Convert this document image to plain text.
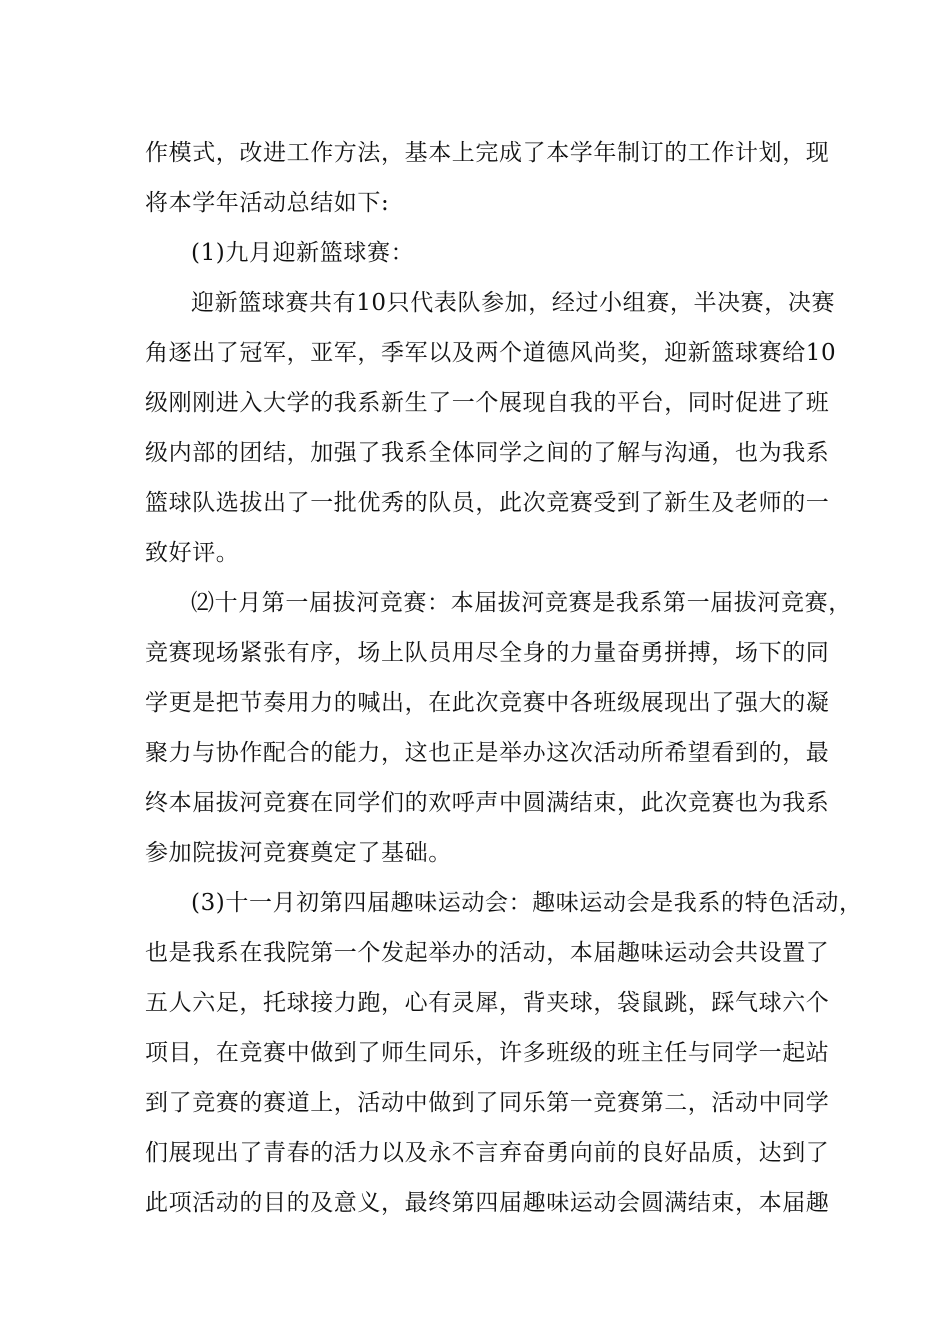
作模式，改进工作方法，基本上完成了本学年制订的工作计划，现
将本学年活动总结如下:
(1)九月迎新篮球赛：
迎新篮球赛共有10只代表队参加，经过小组赛，半决赛，决赛
角逐出了冠军，亚军，季军以及两个道德风尚奖，迎新篮球赛给10
级刚刚进入大学的我系新生了一个展现自我的平台，同时促进了班
级内部的团结，加强了我系全体同学之间的了解与沟通，也为我系
篮球队选拔出了一批优秀的队员，此次竞赛受到了新生及老师的一
致好评。
⑵十月第一届拔河竞赛：本届拔河竞赛是我系第一届拔河竞赛，
竞赛现场紧张有序，场上队员用尽全身的力量奋勇拼搏，场下的同
学更是把节奏用力的喊出，在此次竞赛中各班级展现出了强大的凝
聚力与协作配合的能力，这也正是举办这次活动所希望看到的，最
终本届拔河竞赛在同学们的欢呼声中圆满结束，此次竞赛也为我系
参加院拔河竞赛奠定了基础。
(3)十一月初第四届趣味运动会：趣味运动会是我系的特色活动，
也是我系在我院第一个发起举办的活动，本届趣味运动会共设置了
五人六足，托球接力跑，心有灵犀，背夹球，袋鼠跳，踩气球六个
项目，在竞赛中做到了师生同乐，许多班级的班主任与同学一起站
到了竞赛的赛道上，活动中做到了同乐第一竞赛第二，活动中同学
们展现出了青春的活力以及永不言弃奋勇向前的良好品质，达到了
此项活动的目的及意义，最终第四届趣味运动会圆满结束，本届趣
